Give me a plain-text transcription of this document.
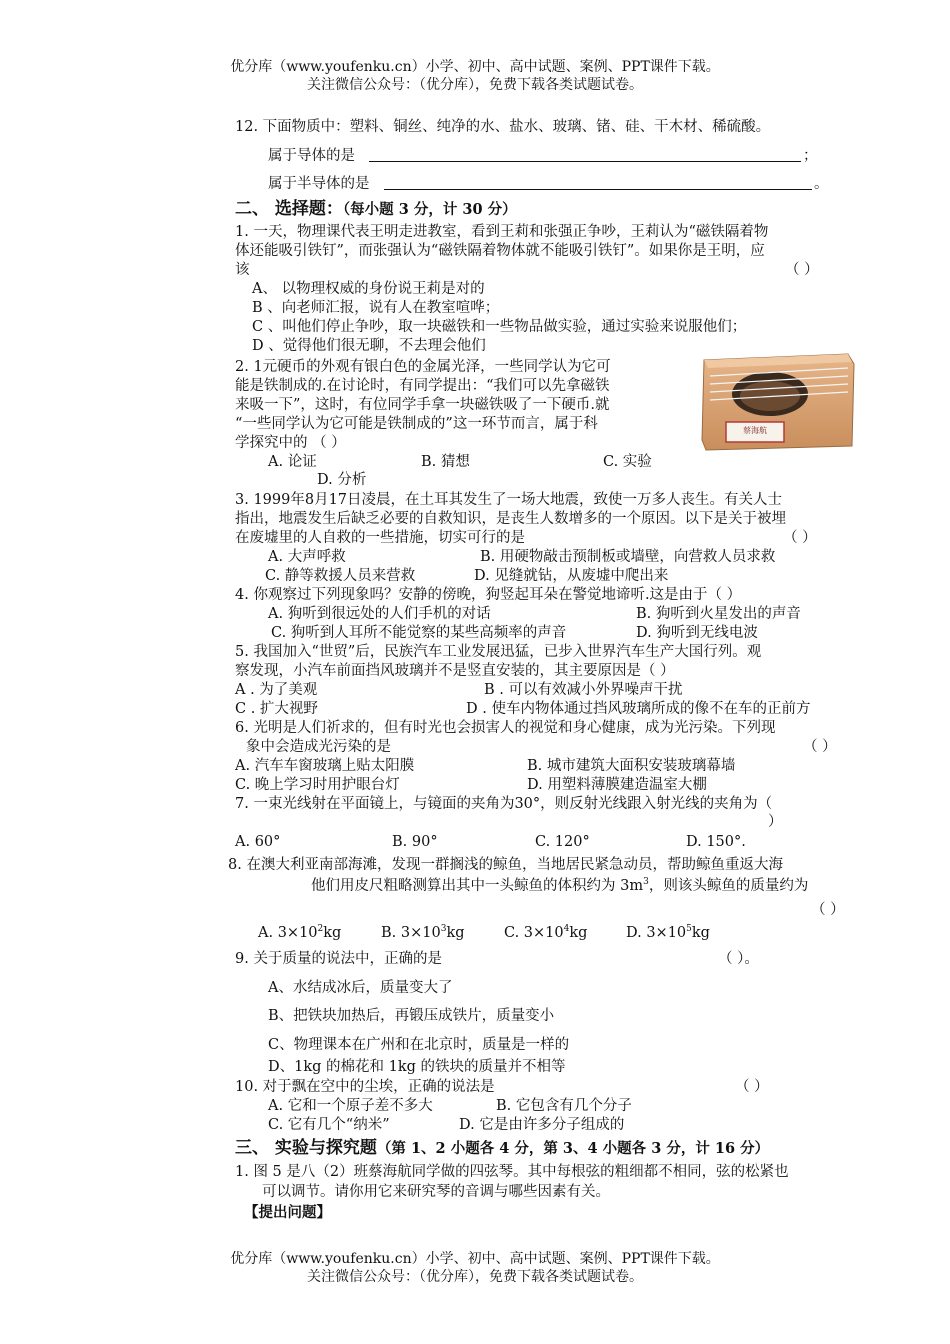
优分库（www.youfenku.cn）小学、初中、高中试题、案例、PPT课件下载。
关注微信公众号：（优分库），免费下载各类试题试卷。
12. 下面物质中：塑料、铜丝、纯净的水、盐水、玻璃、锗、硅、干木材、稀硫酸。
属于导体的是	；
属于半导体的是	。
二、 选择题：（每小题 3 分，计 30 分）
1. 一天，物理课代表王明走进教室，看到王莉和张强正争吵，王莉认为“磁铁隔着物
体还能吸引铁钉”，而张强认为“磁铁隔着物体就不能吸引铁钉”。如果你是王明，应
该	（ ）
A、 以物理权威的身份说王莉是对的
B 、向老师汇报，说有人在教室喧哗；
C 、叫他们停止争吵，取一块磁铁和一些物品做实验，通过实验来说服他们；
D 、觉得他们很无聊，不去理会他们
2. 1元硬币的外观有银白色的金属光泽，一些同学认为它可
能是铁制成的.在讨论时，有同学提出：“我们可以先拿磁铁
来吸一下”，这时，有位同学手拿一块磁铁吸了一下硬币.就
“一些同学认为它可能是铁制成的”这一环节而言，属于科
学探究中的 （ ）
A. 论证	B. 猜想	C. 实验
D. 分析
蔡海航
3. 1999年8月17日凌晨，在土耳其发生了一场大地震，致使一万多人丧生。有关人士
指出，地震发生后缺乏必要的自救知识，是丧生人数增多的一个原因。以下是关于被埋
在废墟里的人自救的一些措施，切实可行的是	（ ）
A. 大声呼救	B. 用硬物敲击预制板或墙壁，向营救人员求救
C. 静等救援人员来营救	D. 见缝就钻，从废墟中爬出来
4. 你观察过下列现象吗？安静的傍晚，狗竖起耳朵在警觉地谛听.这是由于（ ）
A. 狗听到很远处的人们手机的对话	B. 狗听到火星发出的声音
C. 狗听到人耳所不能觉察的某些高频率的声音	D. 狗听到无线电波
5. 我国加入“世贸”后，民族汽车工业发展迅猛，已步入世界汽车生产大国行列。观
察发现，小汽车前面挡风玻璃并不是竖直安装的，其主要原因是（ ）
A . 为了美观	B . 可以有效减小外界噪声干扰
C . 扩大视野	D . 使车内物体通过挡风玻璃所成的像不在车的正前方
6. 光明是人们祈求的，但有时光也会损害人的视觉和身心健康，成为光污染。下列现
象中会造成光污染的是	（ ）
A. 汽车车窗玻璃上贴太阳膜	B. 城市建筑大面积安装玻璃幕墙
C. 晚上学习时用护眼台灯	D. 用塑料薄膜建造温室大棚
7. 一束光线射在平面镜上，与镜面的夹角为30°，则反射光线跟入射光线的夹角为（
）
A. 60°	B. 90°	C. 120°	D. 150°.
8. 在澳大利亚南部海滩，发现一群搁浅的鲸鱼，当地居民紧急动员，帮助鲸鱼重返大海
他们用皮尺粗略测算出其中一头鲸鱼的体积约为 $3m^3$，则该头鲸鱼的质量约为
（ ）
A. $3\times 10^2kg$	B. $3\times 10^3kg$	C. $3\times 10^4kg$	D. $3\times 10^5kg$
9. 关于质量的说法中，正确的是	（ ）。
A、水结成冰后，质量变大了
B、把铁块加热后，再锻压成铁片，质量变小
C、物理课本在广州和在北京时，质量是一样的
D、1kg 的棉花和 1kg 的铁块的质量并不相等
10. 对于飘在空中的尘埃，正确的说法是	（ ）
A. 它和一个原子差不多大	B. 它包含有几个分子
C. 它有几个“纳米”	D. 它是由许多分子组成的
三、 实验与探究题（第 1、2 小题各 4 分，第 3、4 小题各 3 分，计 16 分）
1. 图 5 是八（2）班蔡海航同学做的四弦琴。其中每根弦的粗细都不相同，弦的松紧也
可以调节。请你用它来研究琴的音调与哪些因素有关。
【提出问题】
优分库（www.youfenku.cn）小学、初中、高中试题、案例、PPT课件下载。
关注微信公众号：（优分库），免费下载各类试题试卷。
